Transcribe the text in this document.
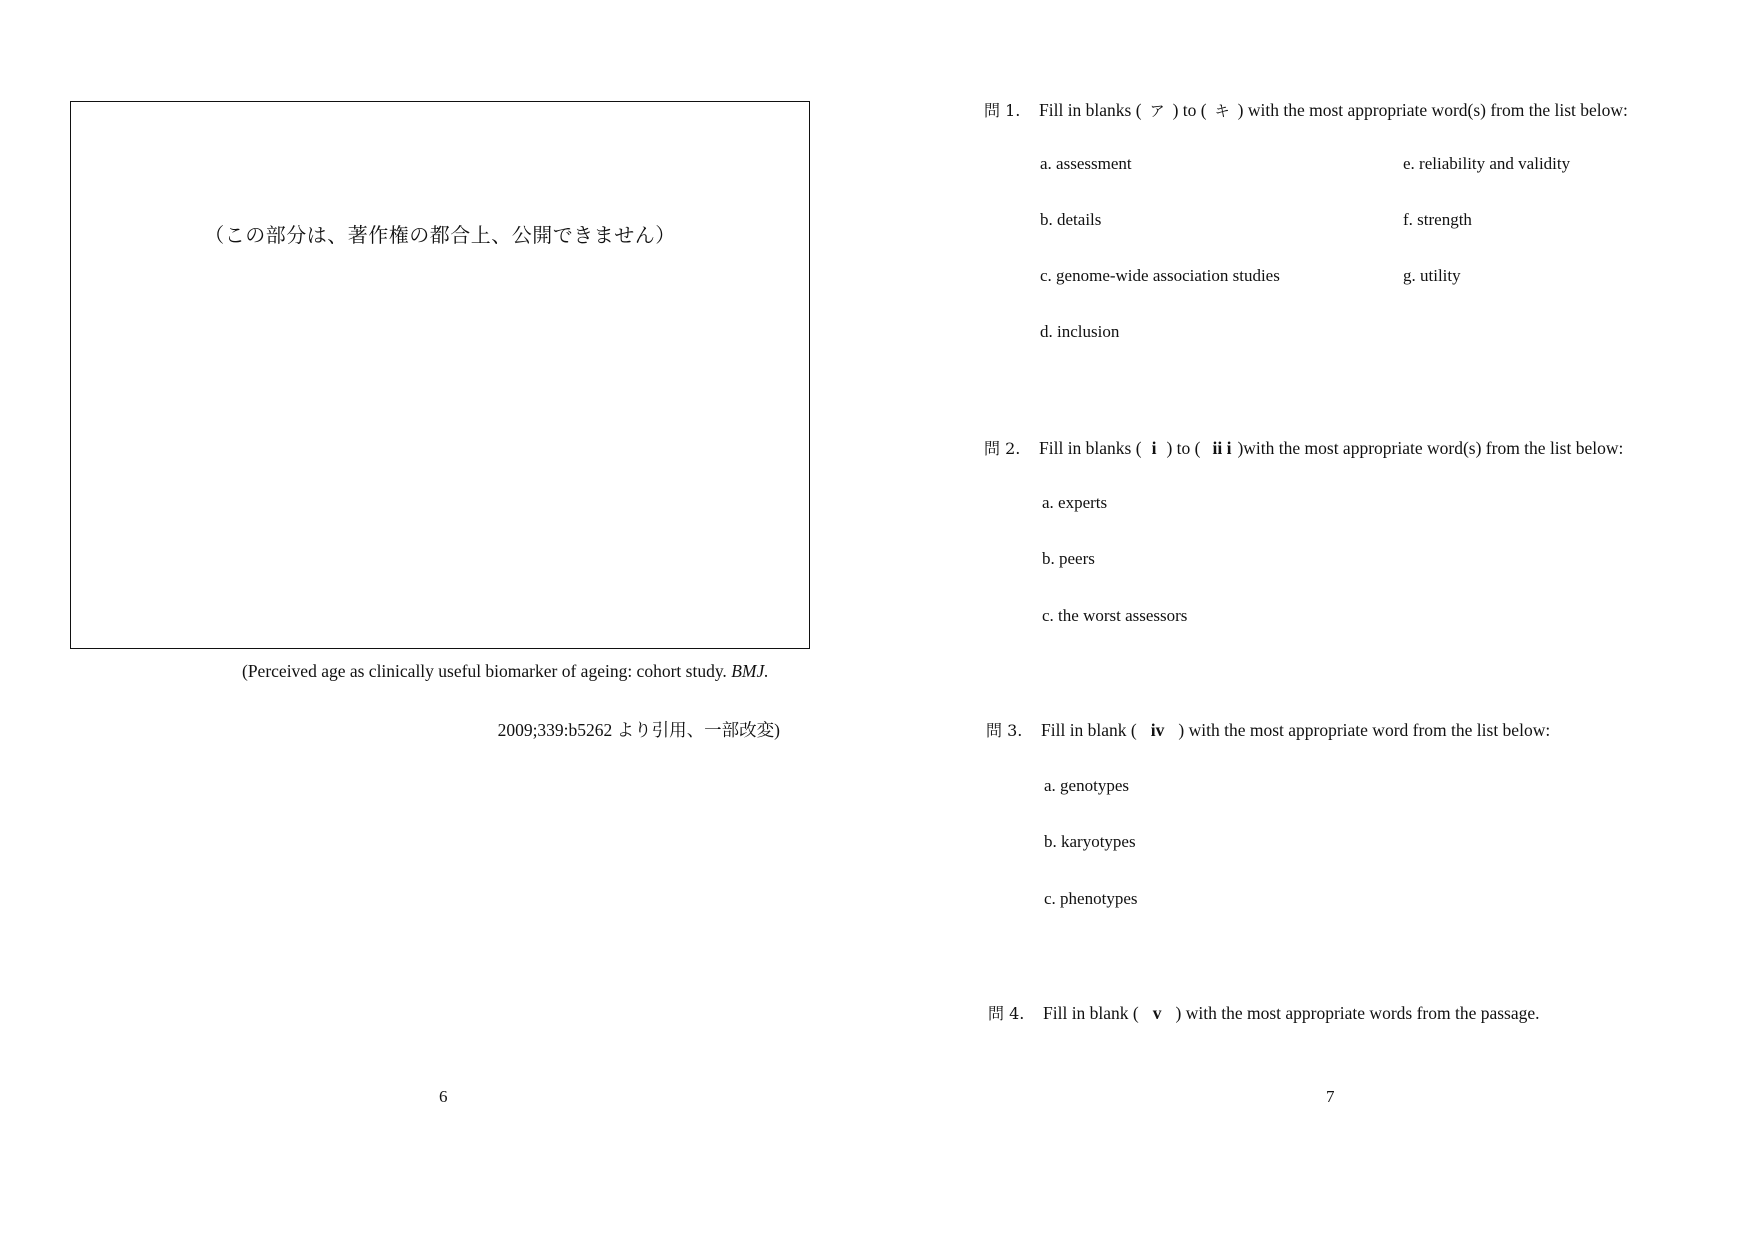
（この部分は、著作権の都合上、公開できません）
(Perceived age as clinically useful biomarker of ageing: cohort study. BMJ.
2009;339:b5262 より引用、一部改変)
6
問 1. Fill in blanks ( ア ) to ( キ ) with the most appropriate word(s) from the list below:
a. assessment
b. details
c. genome-wide association studies
d. inclusion
e. reliability and validity
f. strength
g. utility
問 2. Fill in blanks ( i ) to ( ii i )with the most appropriate word(s) from the list below:
a. experts
b. peers
c. the worst assessors
問 3. Fill in blank ( iv ) with the most appropriate word from the list below:
a. genotypes
b. karyotypes
c. phenotypes
問 4. Fill in blank ( v ) with the most appropriate words from the passage.
7
